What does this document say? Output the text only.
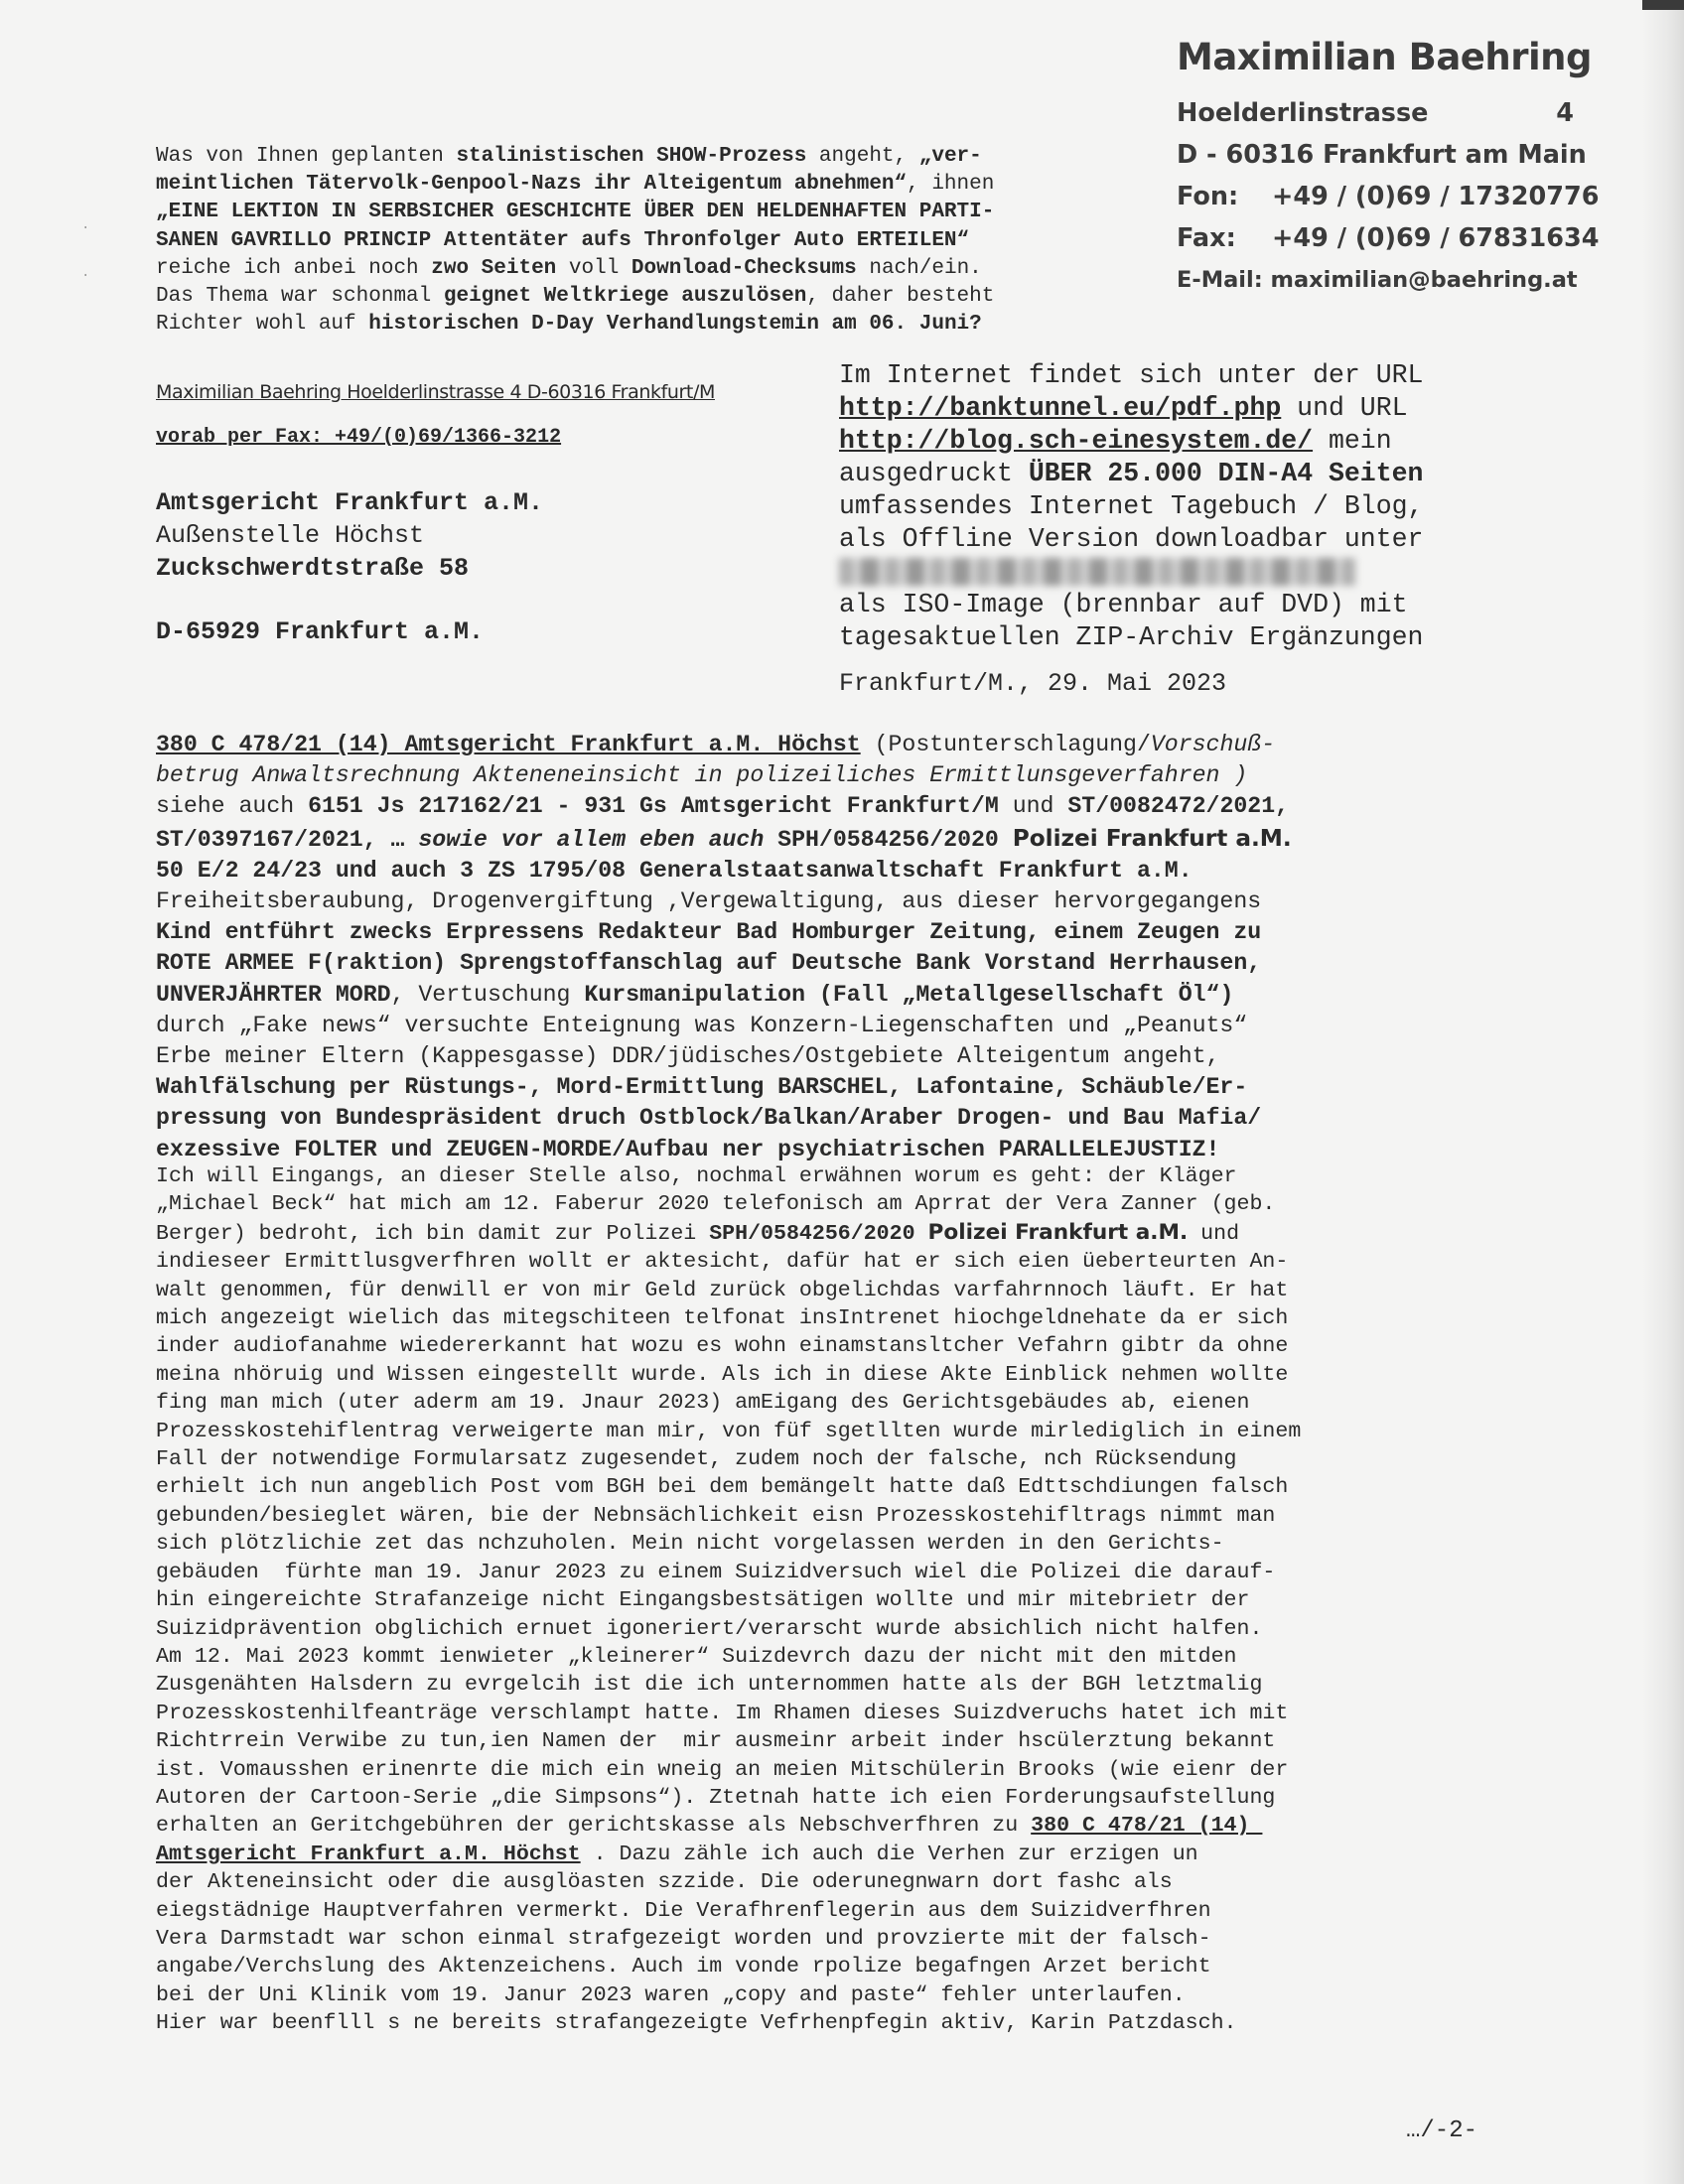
·

·
Maximilian Baehring
Hoelderlinstrasse	4
D - 60316 Frankfurt am Main
Fon: +49 / (0)69 / 17320776
Fax: +49 / (0)69 / 67831634
E-Mail: maximilian@baehring.at
Was von Ihnen geplanten stalinistischen SHOW-Prozess angeht, „ver-
meintlichen Tätervolk-Genpool-Nazs ihr Alteigentum abnehmen“, ihnen
„EINE LEKTION IN SERBSICHER GESCHICHTE ÜBER DEN HELDENHAFTEN PARTI-
SANEN GAVRILLO PRINCIP Attentäter aufs Thronfolger Auto ERTEILEN“
reiche ich anbei noch zwo Seiten voll Download-Checksums nach/ein.
Das Thema war schonmal geignet Weltkriege auszulösen, daher besteht
Richter wohl auf historischen D-Day Verhandlungstemin am 06. Juni?
Maximilian Baehring Hoelderlinstrasse 4 D-60316 Frankfurt/M
vorab per Fax: +49/(0)69/1366-3212
Amtsgericht Frankfurt a.M.
Außenstelle Höchst
Zuckschwerdtstraße 58
D-65929 Frankfurt a.M.
Im Internet findet sich unter der URL
http://banktunnel.eu/pdf.php und URL
http://blog.sch-einesystem.de/ mein
ausgedruckt ÜBER 25.000 DIN-A4 Seiten
umfassendes Internet Tagebuch / Blog,
als Offline Version downloadbar unter

als ISO-Image (brennbar auf DVD) mit
tagesaktuellen ZIP-Archiv Ergänzungen
Frankfurt/M., 29. Mai 2023
380 C 478/21 (14) Amtsgericht Frankfurt a.M. Höchst (Postunterschlagung/Vorschuß-
betrug Anwaltsrechnung Akteneneinsicht in polizeiliches Ermittlunsgeverfahren )
siehe auch 6151 Js 217162/21 - 931 Gs Amtsgericht Frankfurt/M und ST/0082472/2021,
ST/0397167/2021, … sowie vor allem eben auch SPH/0584256/2020 Polizei Frankfurt a.M.
50 E/2 24/23 und auch 3 ZS 1795/08 Generalstaatsanwaltschaft Frankfurt a.M.
Freiheitsberaubung, Drogenvergiftung ,Vergewaltigung, aus dieser hervorgegangens
Kind entführt zwecks Erpressens Redakteur Bad Homburger Zeitung, einem Zeugen zu
ROTE ARMEE F(raktion) Sprengstoffanschlag auf Deutsche Bank Vorstand Herrhausen,
UNVERJÄHRTER MORD, Vertuschung Kursmanipulation (Fall „Metallgesellschaft Öl“)
durch „Fake news“ versuchte Enteignung was Konzern-Liegenschaften und „Peanuts“
Erbe meiner Eltern (Kappesgasse) DDR/jüdisches/Ostgebiete Alteigentum angeht,
Wahlfälschung per Rüstungs-, Mord-Ermittlung BARSCHEL, Lafontaine, Schäuble/Er-
pressung von Bundespräsident druch Ostblock/Balkan/Araber Drogen- und Bau Mafia/
exzessive FOLTER und ZEUGEN-MORDE/Aufbau ner psychiatrischen PARALLELEJUSTIZ!
Ich will Eingangs, an dieser Stelle also, nochmal erwähnen worum es geht: der Kläger
„Michael Beck“ hat mich am 12. Faberur 2020 telefonisch am Aprrat der Vera Zanner (geb.
Berger) bedroht, ich bin damit zur Polizei SPH/0584256/2020 Polizei Frankfurt a.M. und
indieseer Ermittlusgverfhren wollt er aktesicht, dafür hat er sich eien üeberteurten An-
walt genommen, für denwill er von mir Geld zurück obgelichdas varfahrnnoch läuft. Er hat
mich angezeigt wielich das mitegschiteen telfonat insIntrenet hiochgeldnehate da er sich
inder audiofanahme wiedererkannt hat wozu es wohn einamstansltcher Vefahrn gibtr da ohne
meina nhöruig und Wissen eingestellt wurde. Als ich in diese Akte Einblick nehmen wollte
fing man mich (uter aderm am 19. Jnaur 2023) amEigang des Gerichtsgebäudes ab, eienen
Prozesskostehiflentrag verweigerte man mir, von füf sgetllten wurde mirlediglich in einem
Fall der notwendige Formularsatz zugesendet, zudem noch der falsche, nch Rücksendung
erhielt ich nun angeblich Post vom BGH bei dem bemängelt hatte daß Edttschdiungen falsch
gebunden/besieglet wären, bie der Nebnsächlichkeit eisn Prozesskostehifltrags nimmt man
sich plötzlichie zet das nchzuholen. Mein nicht vorgelassen werden in den Gerichts-
gebäuden  fürhte man 19. Janur 2023 zu einem Suizidversuch wiel die Polizei die darauf-
hin eingereichte Strafanzeige nicht Eingangsbestsätigen wollte und mir mitebrietr der
Suizidprävention obglichich ernuet igoneriert/verarscht wurde absichlich nicht halfen.
Am 12. Mai 2023 kommt ienwieter „kleinerer“ Suizdevrch dazu der nicht mit den mitden
Zusgenähten Halsdern zu evrgelcih ist die ich unternommen hatte als der BGH letztmalig
Prozesskostenhilfeanträge verschlampt hatte. Im Rhamen dieses Suizdveruchs hatet ich mit
Richtrrein Verwibe zu tun,ien Namen der  mir ausmeinr arbeit inder hscülerztung bekannt
ist. Vomausshen erinenrte die mich ein wneig an meien Mitschülerin Brooks (wie eienr der
Autoren der Cartoon-Serie „die Simpsons“). Ztetnah hatte ich eien Forderungsaufstellung
erhalten an Geritchgebühren der gerichtskasse als Nebschverfhren zu 380 C 478/21 (14)
Amtsgericht Frankfurt a.M. Höchst . Dazu zähle ich auch die Verhen zur erzigen un
der Akteneinsicht oder die ausglöasten szzide. Die oderunegnwarn dort fashc als
eiegstädnige Hauptverfahren vermerkt. Die Verafhrenflegerin aus dem Suizidverfhren
Vera Darmstadt war schon einmal strafgezeigt worden und provzierte mit der falsch-
angabe/Verchslung des Aktenzeichens. Auch im vonde rpolize begafngen Arzet bericht
bei der Uni Klinik vom 19. Janur 2023 waren „copy and paste“ fehler unterlaufen.
Hier war beenflll s ne bereits strafangezeigte Vefrhenpfegin aktiv, Karin Patzdasch.
…/-2-
